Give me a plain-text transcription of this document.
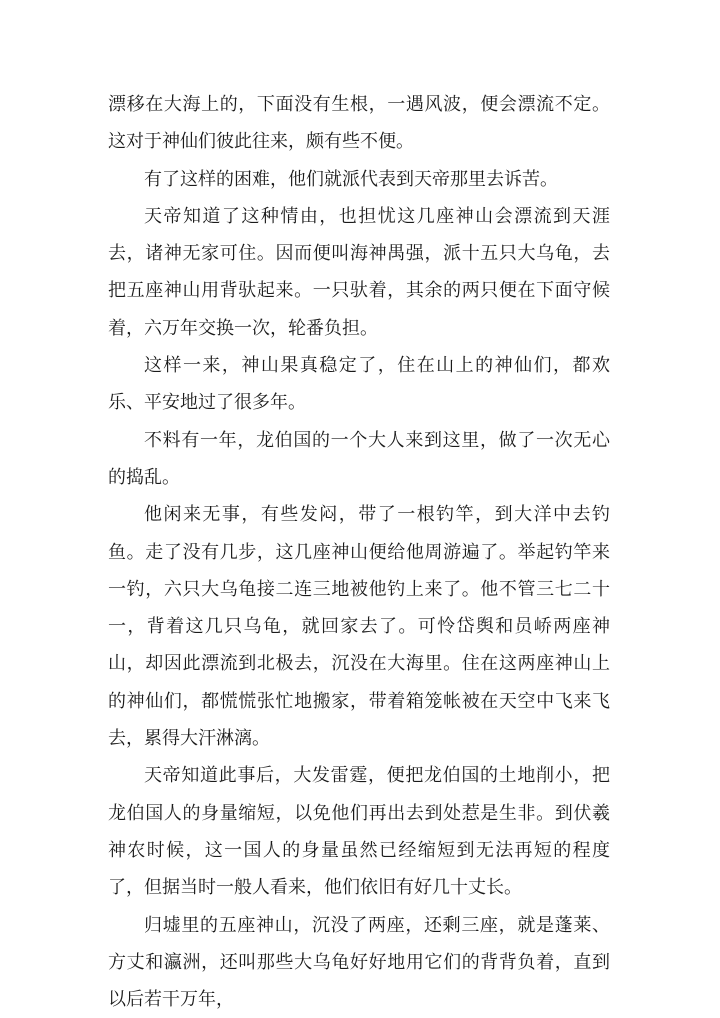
漂移在大海上的，下面没有生根，一遇风波，便会漂流不定。这对于神仙们彼此往来，颇有些不便。

有了这样的困难，他们就派代表到天帝那里去诉苦。

天帝知道了这种情由，也担忧这几座神山会漂流到天涯去，诸神无家可住。因而便叫海神禺强，派十五只大乌龟，去把五座神山用背驮起来。一只驮着，其余的两只便在下面守候着，六万年交换一次，轮番负担。

这样一来，神山果真稳定了，住在山上的神仙们，都欢乐、平安地过了很多年。

不料有一年，龙伯国的一个大人来到这里，做了一次无心的捣乱。

他闲来无事，有些发闷，带了一根钓竿，到大洋中去钓鱼。走了没有几步，这几座神山便给他周游遍了。举起钓竿来一钓，六只大乌龟接二连三地被他钓上来了。他不管三七二十一，背着这几只乌龟，就回家去了。可怜岱舆和员峤两座神山，却因此漂流到北极去，沉没在大海里。住在这两座神山上的神仙们，都慌慌张忙地搬家，带着箱笼帐被在天空中飞来飞去，累得大汗淋漓。

天帝知道此事后，大发雷霆，便把龙伯国的土地削小，把龙伯国人的身量缩短，以免他们再出去到处惹是生非。到伏羲神农时候，这一国人的身量虽然已经缩短到无法再短的程度了，但据当时一般人看来，他们依旧有好几十丈长。

归墟里的五座神山，沉没了两座，还剩三座，就是蓬莱、方丈和瀛洲，还叫那些大乌龟好好地用它们的背背负着，直到以后若干万年，
